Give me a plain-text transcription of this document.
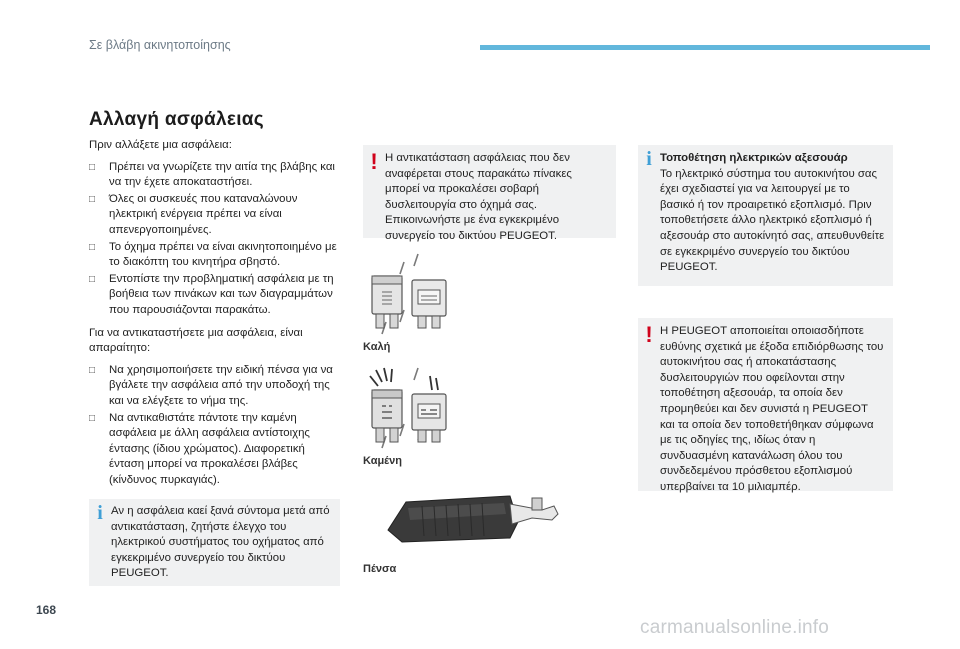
Σε βλάβη ακινητοποίησης
Αλλαγή ασφάλειας

Πριν αλλάξετε μια ασφάλεια:

□ Πρέπει να γνωρίζετε την αιτία της βλάβης και να την έχετε αποκαταστήσει.
□ Όλες οι συσκευές που καταναλώνουν ηλεκτρική ενέργεια πρέπει να είναι απενεργοποιημένες.
□ Το όχημα πρέπει να είναι ακινητοποιημένο με το διακόπτη του κινητήρα σβηστό.
□ Εντοπίστε την προβληματική ασφάλεια με τη βοήθεια των πινάκων και των διαγραμμάτων που παρουσιάζονται παρακάτω.

Για να αντικαταστήσετε μια ασφάλεια, είναι απαραίτητο:

□ Να χρησιμοποιήσετε την ειδική πένσα για να βγάλετε την ασφάλεια από την υποδοχή της και να ελέγξετε το νήμα της.
□ Να αντικαθιστάτε πάντοτε την καμένη ασφάλεια με άλλη ασφάλεια αντίστοιχης έντασης (ίδιου χρώματος). Διαφορετική ένταση μπορεί να προκαλέσει βλάβες (κίνδυνος πυρκαγιάς).
i Αν η ασφάλεια καεί ξανά σύντομα μετά από αντικατάσταση, ζητήστε έλεγχο του ηλεκτρικού συστήματος του οχήματος από εγκεκριμένο συνεργείο του δικτύου PEUGEOT.
! Η αντικατάσταση ασφάλειας που δεν αναφέρεται στους παρακάτω πίνακες μπορεί να προκαλέσει σοβαρή δυσλειτουργία στο όχημά σας. Επικοινωνήστε με ένα εγκεκριμένο συνεργείο του δικτύου PEUGEOT.
Καλή
Καμένη
Πένσα
i Τοποθέτηση ηλεκτρικών αξεσουάρ
Το ηλεκτρικό σύστημα του αυτοκινήτου σας έχει σχεδιαστεί για να λειτουργεί με το βασικό ή τον προαιρετικό εξοπλισμό. Πριν τοποθετήσετε άλλο ηλεκτρικό εξοπλισμό ή αξεσουάρ στο αυτοκίνητό σας, απευθυνθείτε σε εγκεκριμένο συνεργείο του δικτύου PEUGEOT.
! Η PEUGEOT αποποιείται οποιασδήποτε ευθύνης σχετικά με έξοδα επιδιόρθωσης του αυτοκινήτου σας ή αποκατάστασης δυσλειτουργιών που οφείλονται στην τοποθέτηση αξεσουάρ, τα οποία δεν προμηθεύει και δεν συνιστά η PEUGEOT και τα οποία δεν τοποθετήθηκαν σύμφωνα με τις οδηγίες της, ιδίως όταν η συνδυασμένη κατανάλωση όλου του συνδεδεμένου πρόσθετου εξοπλισμού υπερβαίνει τα 10 μιλιαμπέρ.
168
carmanualsonline.info
